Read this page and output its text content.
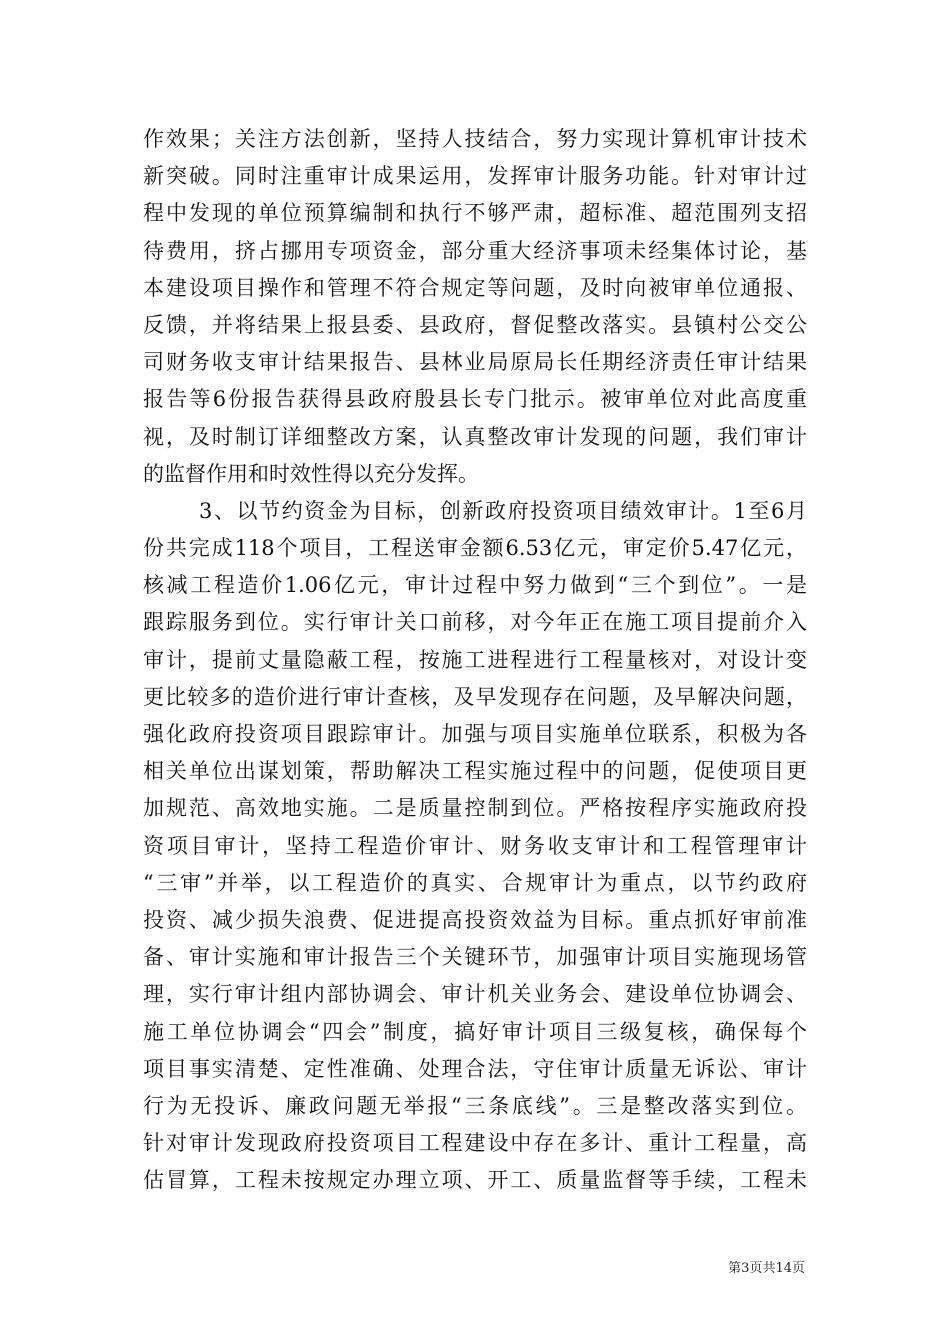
作效果；关注方法创新，坚持人技结合，努力实现计算机审计技术
新突破。同时注重审计成果运用，发挥审计服务功能。针对审计过
程中发现的单位预算编制和执行不够严肃，超标准、超范围列支招
待费用，挤占挪用专项资金，部分重大经济事项未经集体讨论，基
本建设项目操作和管理不符合规定等问题，及时向被审单位通报、
反馈，并将结果上报县委、县政府，督促整改落实。县镇村公交公
司财务收支审计结果报告、县林业局原局长任期经济责任审计结果
报告等6份报告获得县政府殷县长专门批示。被审单位对此高度重
视，及时制订详细整改方案，认真整改审计发现的问题，我们审计
的监督作用和时效性得以充分发挥。
3、以节约资金为目标，创新政府投资项目绩效审计。1至6月
份共完成118个项目，工程送审金额6.53亿元，审定价5.47亿元，
核减工程造价1.06亿元，审计过程中努力做到“三个到位”。一是
跟踪服务到位。实行审计关口前移，对今年正在施工项目提前介入
审计，提前丈量隐蔽工程，按施工进程进行工程量核对，对设计变
更比较多的造价进行审计查核，及早发现存在问题，及早解决问题，
强化政府投资项目跟踪审计。加强与项目实施单位联系，积极为各
相关单位出谋划策，帮助解决工程实施过程中的问题，促使项目更
加规范、高效地实施。二是质量控制到位。严格按程序实施政府投
资项目审计，坚持工程造价审计、财务收支审计和工程管理审计
“三审”并举，以工程造价的真实、合规审计为重点，以节约政府
投资、减少损失浪费、促进提高投资效益为目标。重点抓好审前准
备、审计实施和审计报告三个关键环节，加强审计项目实施现场管
理，实行审计组内部协调会、审计机关业务会、建设单位协调会、
施工单位协调会“四会”制度，搞好审计项目三级复核，确保每个
项目事实清楚、定性准确、处理合法，守住审计质量无诉讼、审计
行为无投诉、廉政问题无举报“三条底线”。三是整改落实到位。
针对审计发现政府投资项目工程建设中存在多计、重计工程量，高
估冒算，工程未按规定办理立项、开工、质量监督等手续，工程未
第3页共14页
